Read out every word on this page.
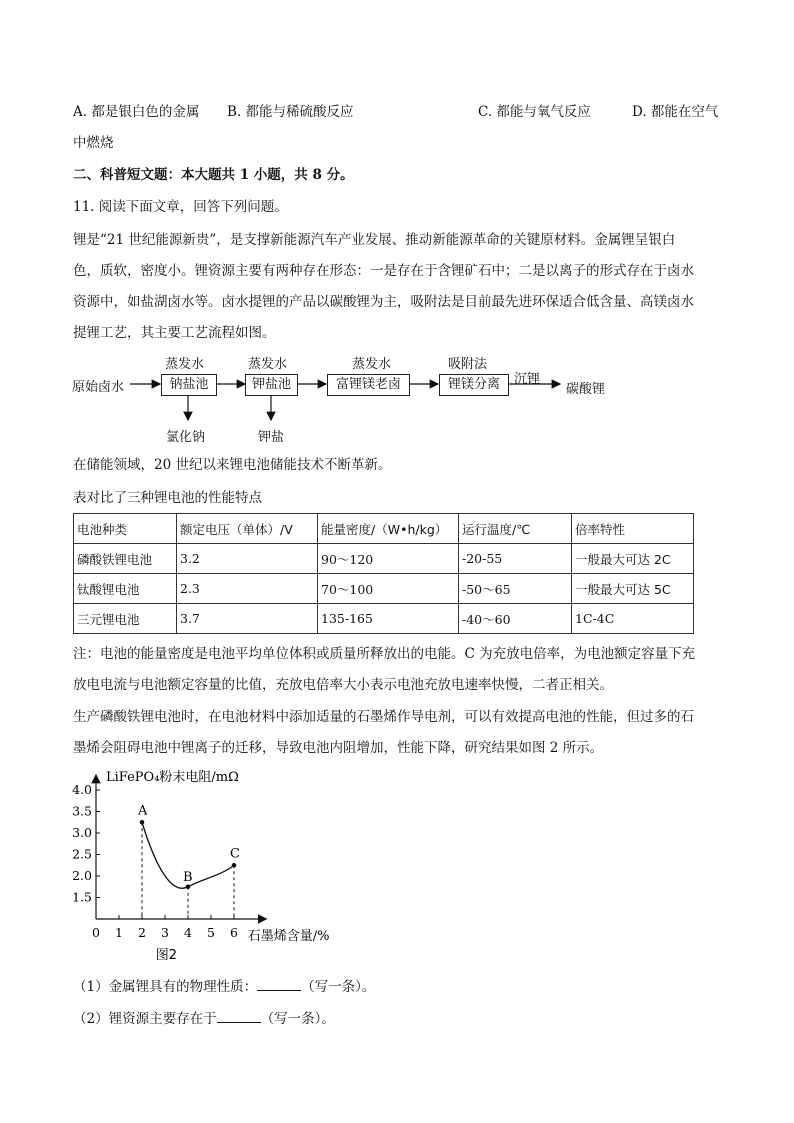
A. 都是银白色的金属 B. 都能与稀硫酸反应	C. 都能与氧气反应	D. 都能在空气
中燃烧
二、科普短文题：本大题共 1 小题，共 8 分。
11. 阅读下面文章，回答下列问题。
锂是“21 世纪能源新贵”，是支撑新能源汽车产业发展、推动新能源革命的关键原材料。金属锂呈银白
色，质软，密度小。锂资源主要有两种存在形态：一是存在于含锂矿石中；二是以离子的形式存在于卤水
资源中，如盐湖卤水等。卤水提锂的产品以碳酸锂为主，吸附法是目前最先进环保适合低含量、高镁卤水
提锂工艺，其主要工艺流程如图。
原始卤水
蒸发水
钠盐池
氯化钠
蒸发水
钾盐池
钾盐
蒸发水
富锂镁老卤
吸附法
锂镁分离	沉锂
碳酸锂
在储能领域，20 世纪以来锂电池储能技术不断革新。
表对比了三种锂电池的性能特点
电池种类	额定电压（单体）/V	能量密度/（W•h/kg）	运行温度/℃	倍率特性
磷酸铁锂电池	3.2	90～120	-20-55	一般最大可达 2C
钛酸锂电池	2.3	70～100	-50～65	一般最大可达 5C
三元锂电池	3.7	135-165	-40～60	1C-4C
注：电池的能量密度是电池平均单位体积或质量所释放出的电能。C 为充放电倍率，为电池额定容量下充
放电电流与电池额定容量的比值，充放电倍率大小表示电池充放电速率快慢，二者正相关。
生产磷酸铁锂电池时，在电池材料中添加适量的石墨烯作导电剂，可以有效提高电池的性能，但过多的石
墨烯会阻碍电池中锂离子的迁移，导致电池内阻增加，性能下降，研究结果如图 2 所示。
0 1 2 3 4 5 6
1.5
2.0
2.5
3.0
3.5
4.0
LiFePO₄粉末电阻/mΩ
石墨烯含量/%
图2
A
B
C
（1）金属锂具有的物理性质：	（写一条）。
（2）锂资源主要存在于	（写一条）。
